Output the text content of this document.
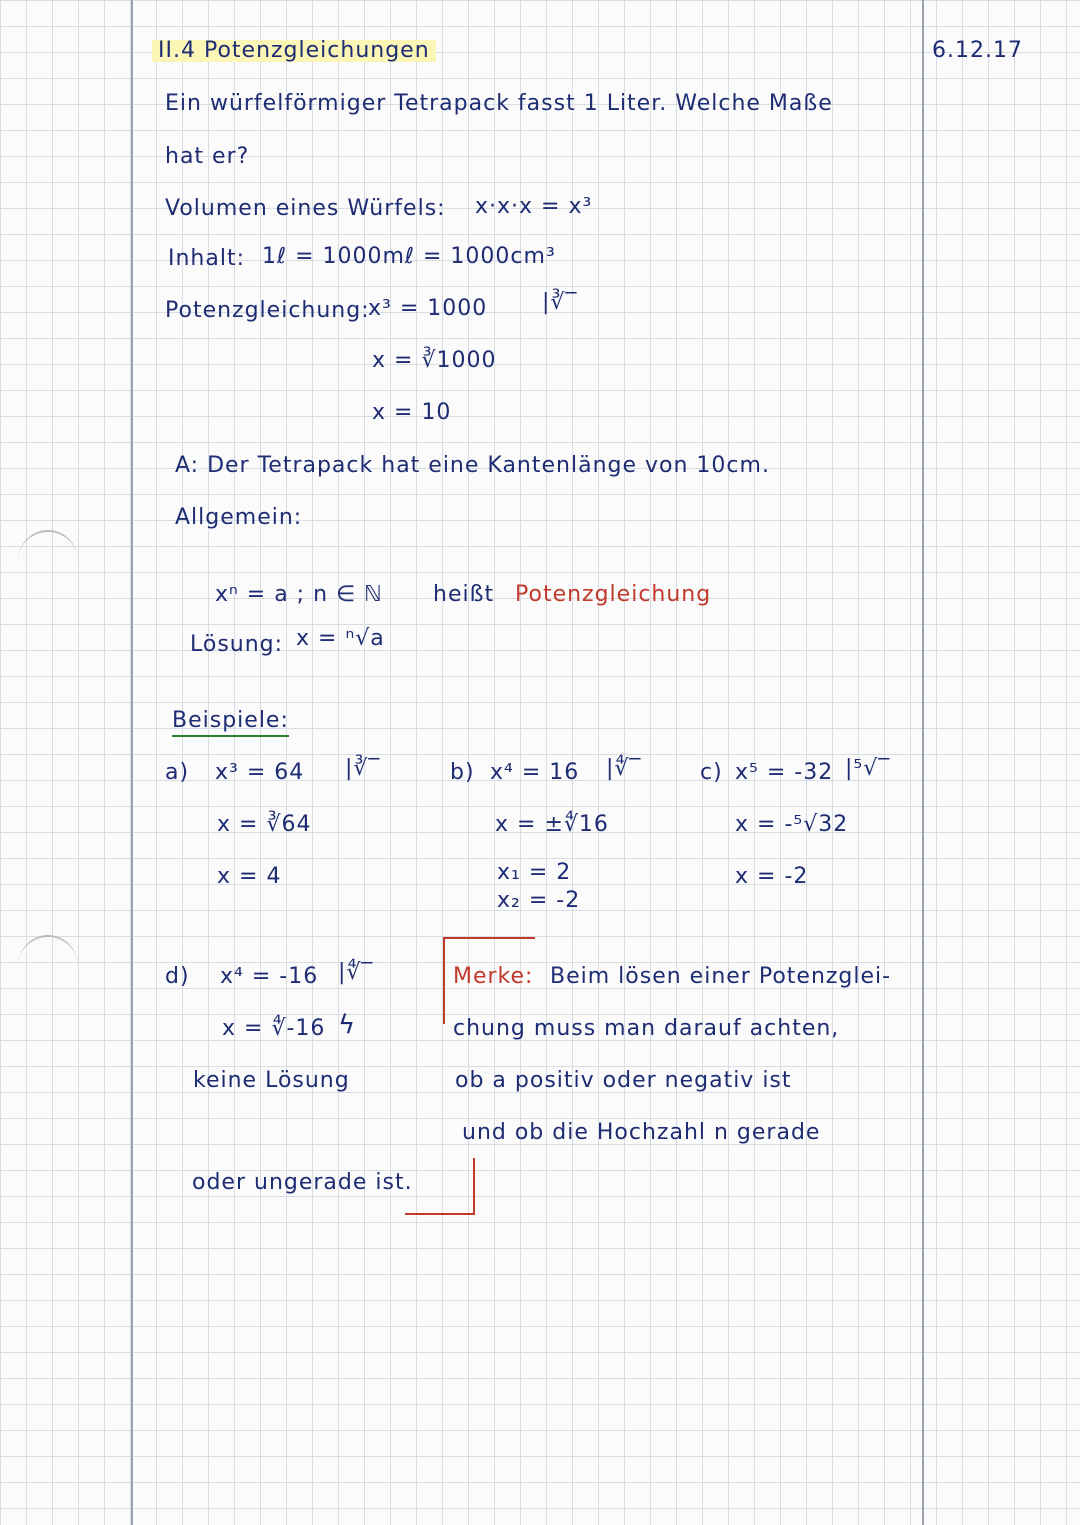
II.4 Potenzgleichungen	6.12.17
Ein würfelförmiger Tetrapack fasst 1 Liter. Welche Maße
hat er?
Volumen eines Würfels: x·x·x = x³
Inhalt: 1ℓ = 1000mℓ = 1000cm³
Potenzgleichung:
x³ = 1000 |∛‾
x = ∛1000
x = 10
A: Der Tetrapack hat eine Kantenlänge von 10cm.
Allgemein:
xⁿ = a ; n ∈ ℕ heißt Potenzgleichung
Lösung: x = ⁿ√a
Beispiele:
a) x³ = 64 |∛‾
x = ∛64
x = 4
b) x⁴ = 16 |∜‾
x = ±∜16
x₁ = 2
x₂ = -2
c) x⁵ = -32 |⁵√‾
x = -⁵√32
x = -2
d) x⁴ = -16 |∜‾
x = ∜-16 ϟ
keine Lösung
Merke: Beim lösen einer Potenzglei-
chung muss man darauf achten,
ob a positiv oder negativ ist
und ob die Hochzahl n gerade
oder ungerade ist.
